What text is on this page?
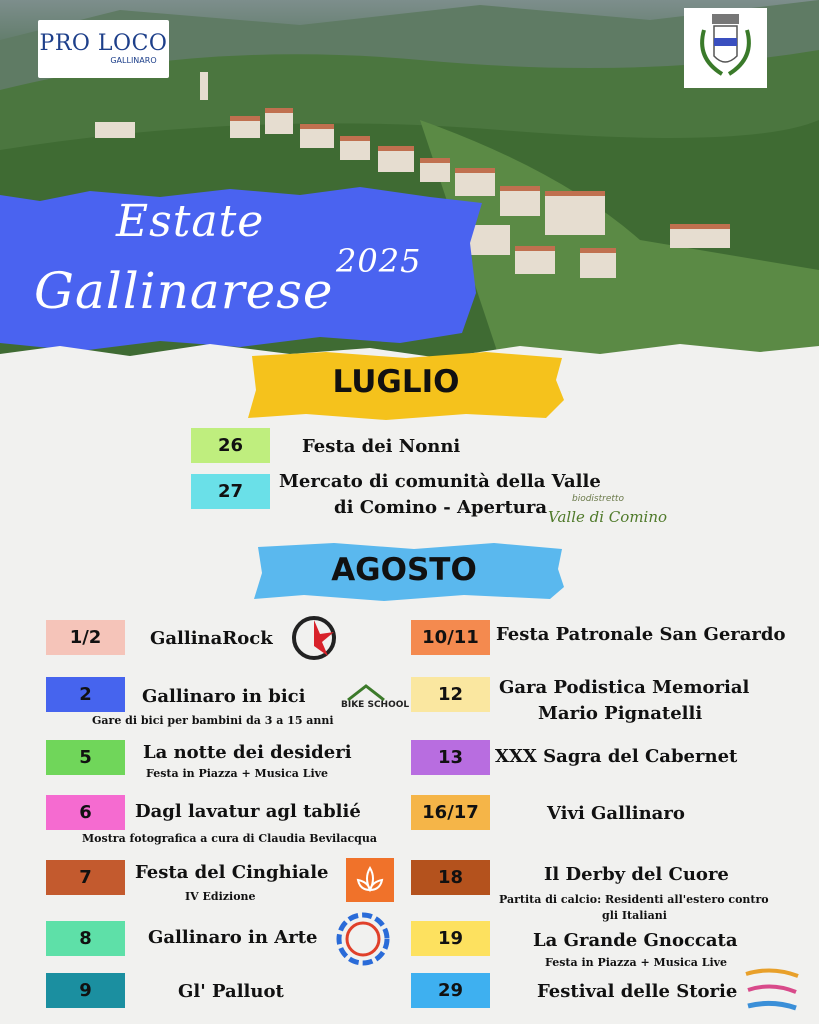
PRO LOCO
GALLINARO
Estate
Gallinarese
2025
LUGLIO
26	Festa dei Nonni
27	Mercato di comunità della Valle
di Comino - Apertura	biodistretto
Valle di Comino
AGOSTO
1/2	GallinaRock
2	Gallinaro in bici
Gare di bici per bambini da 3 a 15 anni
BIKE SCHOOL
5	La notte dei desideri
Festa in Piazza + Musica Live
6	Dagl lavatur agl tablié
Mostra fotografica a cura di Claudia Bevilacqua
7	Festa del Cinghiale
IV Edizione
8	Gallinaro in Arte
9	Gl' Palluot
10/11 Festa Patronale San Gerardo
12	Gara Podistica Memorial
Mario Pignatelli
13	XXX Sagra del Cabernet
16/17	Vivi Gallinaro
18	Il Derby del Cuore
Partita di calcio: Residenti all'estero contro
gli Italiani
19	La Grande Gnoccata
Festa in Piazza + Musica Live
29	Festival delle Storie
